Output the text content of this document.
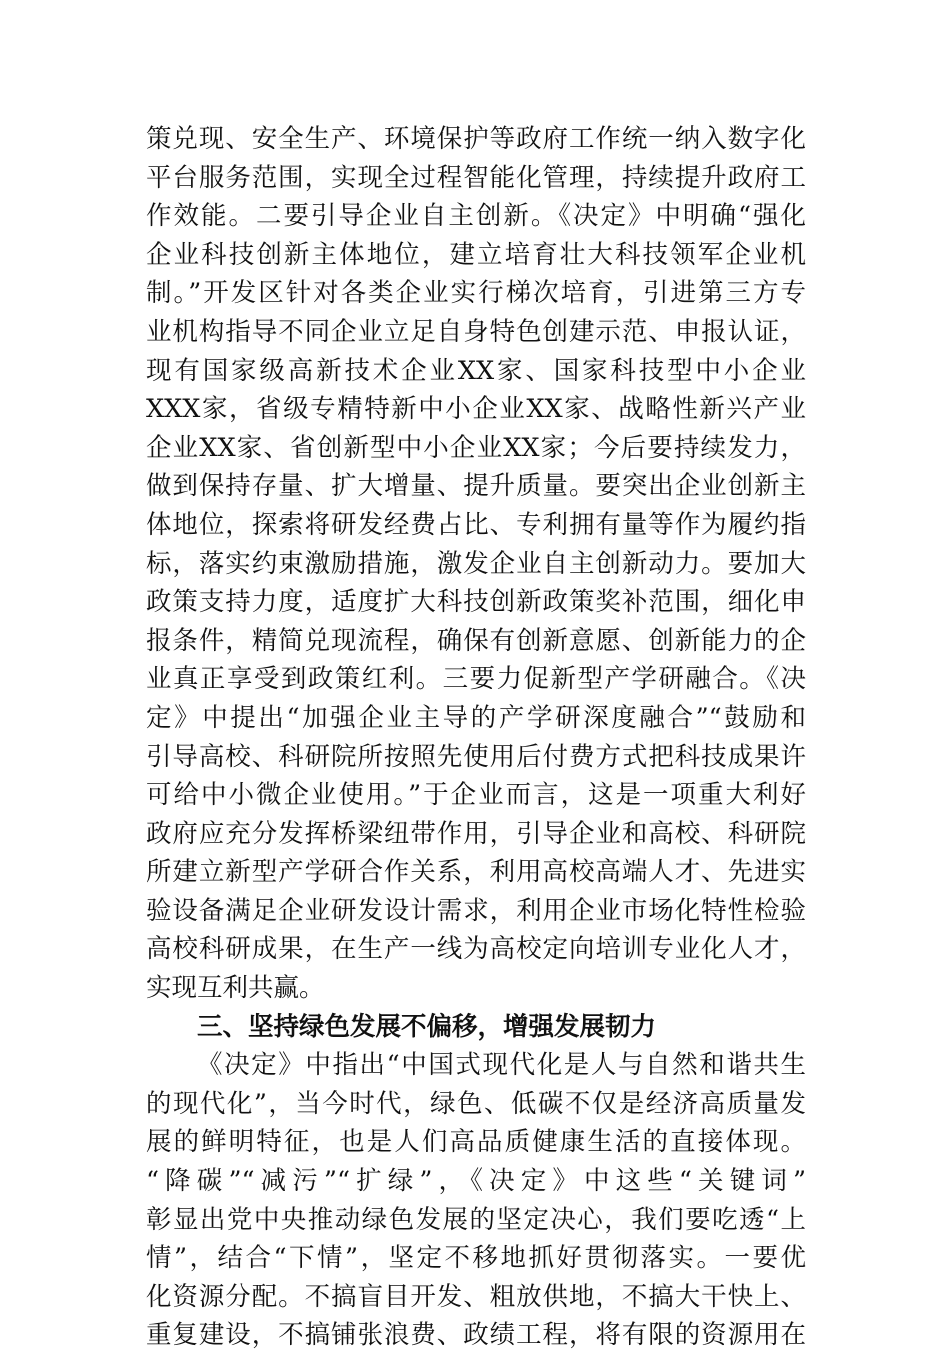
策兑现、安全生产、环境保护等政府工作统一纳入数字化
平台服务范围，实现全过程智能化管理，持续提升政府工
作效能。二要引导企业自主创新。《决定》中明确“强化
企业科技创新主体地位，建立培育壮大科技领军企业机
制。”开发区针对各类企业实行梯次培育，引进第三方专
业机构指导不同企业立足自身特色创建示范、申报认证，
现有国家级高新技术企业XX家、国家科技型中小企业
XXX家，省级专精特新中小企业XX家、战略性新兴产业
企业XX家、省创新型中小企业XX家；今后要持续发力，
做到保持存量、扩大增量、提升质量。要突出企业创新主
体地位，探索将研发经费占比、专利拥有量等作为履约指
标，落实约束激励措施，激发企业自主创新动力。要加大
政策支持力度，适度扩大科技创新政策奖补范围，细化申
报条件，精简兑现流程，确保有创新意愿、创新能力的企
业真正享受到政策红利。三要力促新型产学研融合。《决
定》中提出“加强企业主导的产学研深度融合”“鼓励和
引导高校、科研院所按照先使用后付费方式把科技成果许
可给中小微企业使用。”于企业而言，这是一项重大利好
政府应充分发挥桥梁纽带作用，引导企业和高校、科研院
所建立新型产学研合作关系，利用高校高端人才、先进实
验设备满足企业研发设计需求，利用企业市场化特性检验
高校科研成果，在生产一线为高校定向培训专业化人才，
实现互利共赢。
三、坚持绿色发展不偏移，增强发展韧力
《决定》中指出“中国式现代化是人与自然和谐共生
的现代化”，当今时代，绿色、低碳不仅是经济高质量发
展的鲜明特征，也是人们高品质健康生活的直接体现。
“降碳”“减污”“扩绿”，《决定》中这些“关键词”
彰显出党中央推动绿色发展的坚定决心，我们要吃透“上
情”，结合“下情”，坚定不移地抓好贯彻落实。一要优
化资源分配。不搞盲目开发、粗放供地，不搞大干快上、
重复建设，不搞铺张浪费、政绩工程，将有限的资源用在
